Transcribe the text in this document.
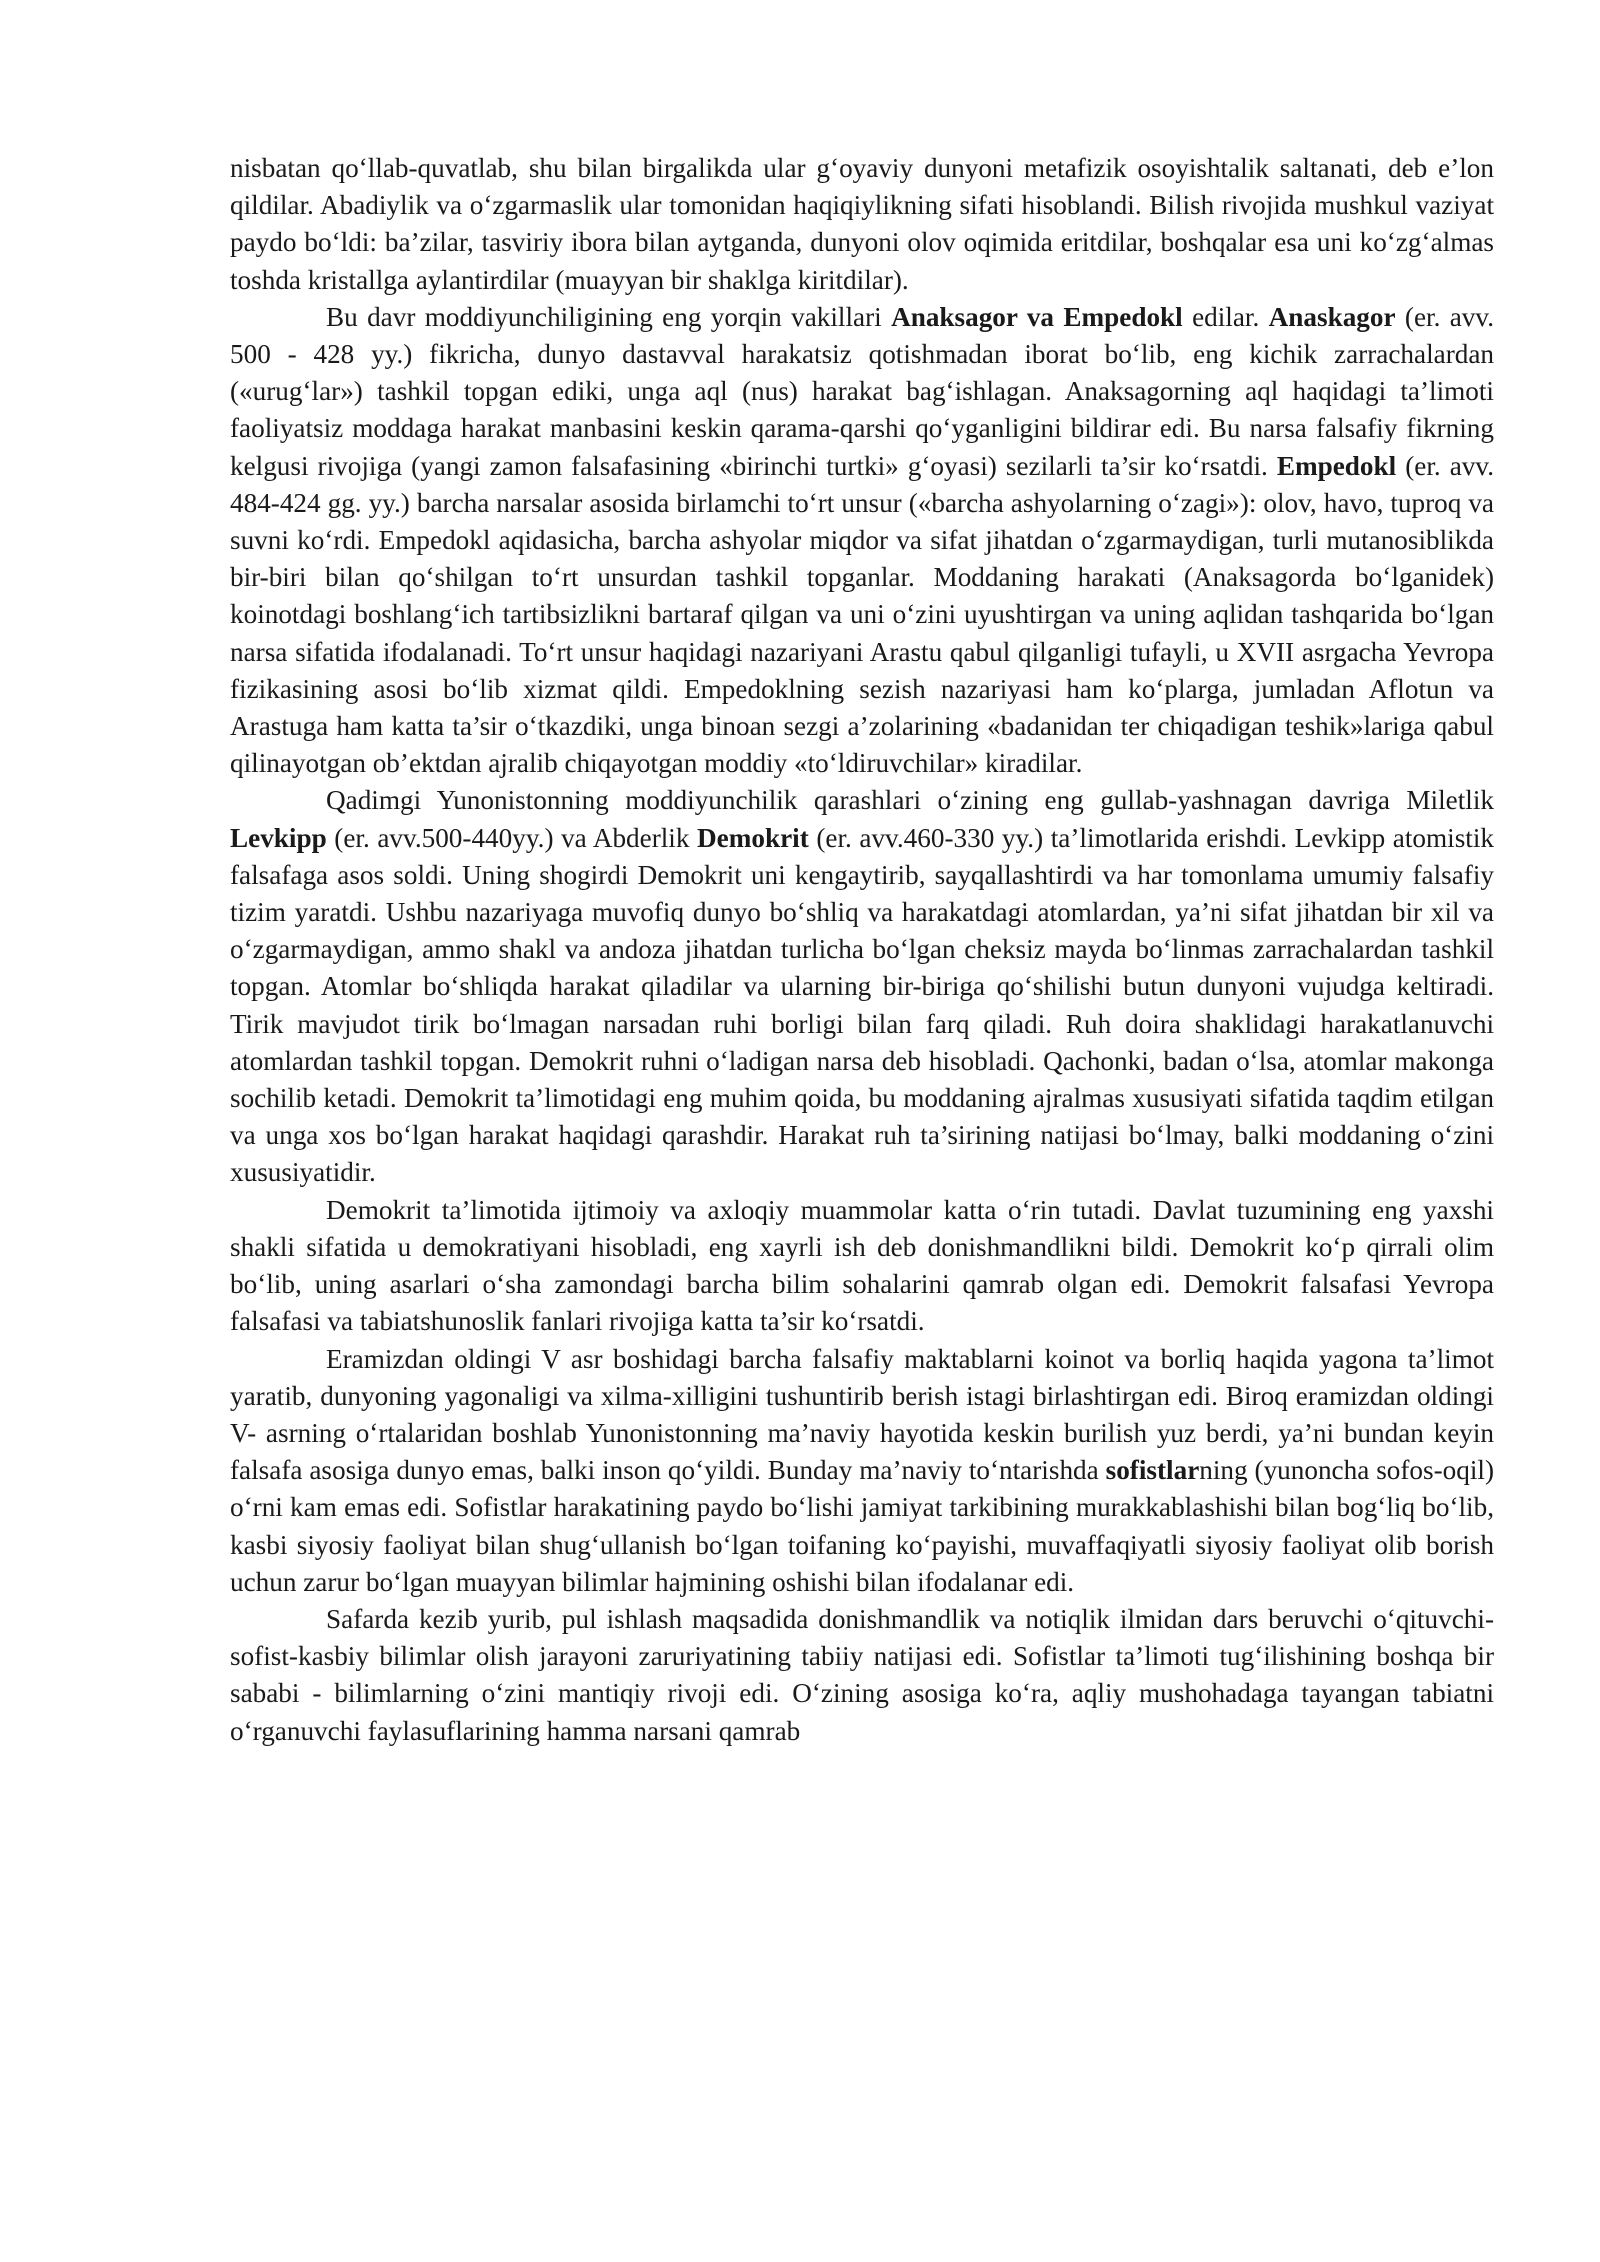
nisbatan qo‘llab-quvatlab, shu bilan birgalikda ular g‘oyaviy dunyoni metafizik osoyishtalik saltanati, deb e’lon qildilar. Abadiylik va o‘zgarmaslik ular tomonidan haqiqiylikning sifati hisoblandi. Bilish rivojida mushkul vaziyat paydo bo‘ldi: ba’zilar, tasviriy ibora bilan aytganda, dunyoni olov oqimida eritdilar, boshqalar esa uni ko‘zg‘almas toshda kristallga aylantirdilar (muayyan bir shaklga kiritdilar).

Bu davr moddiyunchiligining eng yorqin vakillari Anaksagor va Empedokl edilar. Anaskagor (er. avv. 500 - 428 yy.) fikricha, dunyo dastavval harakatsiz qotishmadan iborat bo‘lib, eng kichik zarrachalardan («urug‘lar») tashkil topgan ediki, unga aql (nus) harakat bag‘ishlagan. Anaksagorning aql haqidagi ta’limoti faoliyatsiz moddaga harakat manbasini keskin qarama-qarshi qo‘yganligini bildirar edi. Bu narsa falsafiy fikrning kelgusi rivojiga (yangi zamon falsafasining «birinchi turtki» g‘oyasi) sezilarli ta’sir ko‘rsatdi. Empedokl (er. avv. 484-424 gg. yy.) barcha narsalar asosida birlamchi to‘rt unsur («barcha ashyolarning o‘zagi»): olov, havo, tuproq va suvni ko‘rdi. Empedokl aqidasicha, barcha ashyolar miqdor va sifat jihatdan o‘zgarmaydigan, turli mutanosiblikda bir-biri bilan qo‘shilgan to‘rt unsurdan tashkil topganlar. Moddaning harakati (Anaksagorda bo‘lganidek) koinotdagi boshlang‘ich tartibsizlikni bartaraf qilgan va uni o‘zini uyushtirgan va uning aqlidan tashqarida bo‘lgan narsa sifatida ifodalanadi. To‘rt unsur haqidagi nazariyani Arastu qabul qilganligi tufayli, u XVII asrgacha Yevropa fizikasining asosi bo‘lib xizmat qildi. Empedoklning sezish nazariyasi ham ko‘plarga, jumladan Aflotun va Arastuga ham katta ta’sir o‘tkazdiki, unga binoan sezgi a’zolarining «badanidan ter chiqadigan teshik»lariga qabul qilinayotgan ob’ektdan ajralib chiqayotgan moddiy «to‘ldiruvchilar» kiradilar.

Qadimgi Yunonistonning moddiyunchilik qarashlari o‘zining eng gullab-yashnagan davriga Miletlik Levkipp (er. avv.500-440yy.) va Abderlik Demokrit (er. avv.460-330 yy.) ta’limotlarida erishdi. Levkipp atomistik falsafaga asos soldi. Uning shogirdi Demokrit uni kengaytirib, sayqallashtirdi va har tomonlama umumiy falsafiy tizim yaratdi. Ushbu nazariyaga muvofiq dunyo bo‘shliq va harakatdagi atomlardan, ya’ni sifat jihatdan bir xil va o‘zgarmaydigan, ammo shakl va andoza jihatdan turlicha bo‘lgan cheksiz mayda bo‘linmas zarrachalardan tashkil topgan. Atomlar bo‘shliqda harakat qiladilar va ularning bir-biriga qo‘shilishi butun dunyoni vujudga keltiradi. Tirik mavjudot tirik bo‘lmagan narsadan ruhi borligi bilan farq qiladi. Ruh doira shaklidagi harakatlanuvchi atomlardan tashkil topgan. Demokrit ruhni o‘ladigan narsa deb hisobladi. Qachonki, badan o‘lsa, atomlar makonga sochilib ketadi. Demokrit ta’limotidagi eng muhim qoida, bu moddaning ajralmas xususiyati sifatida taqdim etilgan va unga xos bo‘lgan harakat haqidagi qarashdir. Harakat ruh ta’sirining natijasi bo‘lmay, balki moddaning o‘zini xususiyatidir.

Demokrit ta’limotida ijtimoiy va axloqiy muammolar katta o‘rin tutadi. Davlat tuzumining eng yaxshi shakli sifatida u demokratiyani hisobladi, eng xayrli ish deb donishmandlikni bildi. Demokrit ko‘p qirrali olim bo‘lib, uning asarlari o‘sha zamondagi barcha bilim sohalarini qamrab olgan edi. Demokrit falsafasi Yevropa falsafasi va tabiatshunoslik fanlari rivojiga katta ta’sir ko‘rsatdi.

Eramizdan oldingi V asr boshidagi barcha falsafiy maktablarni koinot va borliq haqida yagona ta’limot yaratib, dunyoning yagonaligi va xilma-xilligini tushuntirib berish istagi birlashtirgan edi. Biroq eramizdan oldingi V- asrning o‘rtalaridan boshlab Yunonistonning ma’naviy hayotida keskin burilish yuz berdi, ya’ni bundan keyin falsafa asosiga dunyo emas, balki inson qo‘yildi. Bunday ma’naviy to‘ntarishda sofistlarning (yunoncha sofos-oqil) o‘rni kam emas edi. Sofistlar harakatining paydo bo‘lishi jamiyat tarkibining murakkablashishi bilan bog‘liq bo‘lib, kasbi siyosiy faoliyat bilan shug‘ullanish bo‘lgan toifaning ko‘payishi, muvaffaqiyatli siyosiy faoliyat olib borish uchun zarur bo‘lgan muayyan bilimlar hajmining oshishi bilan ifodalanar edi.

Safarda kezib yurib, pul ishlash maqsadida donishmandlik va notiqlik ilmidan dars beruvchi o‘qituvchi-sofist-kasbiy bilimlar olish jarayoni zaruriyatining tabiiy natijasi edi. Sofistlar ta’limoti tug‘ilishining boshqa bir sababi - bilimlarning o‘zini mantiqiy rivoji edi. O‘zining asosiga ko‘ra, aqliy mushohadaga tayangan tabiatni o‘rganuvchi faylasuflarining hamma narsani qamrab
